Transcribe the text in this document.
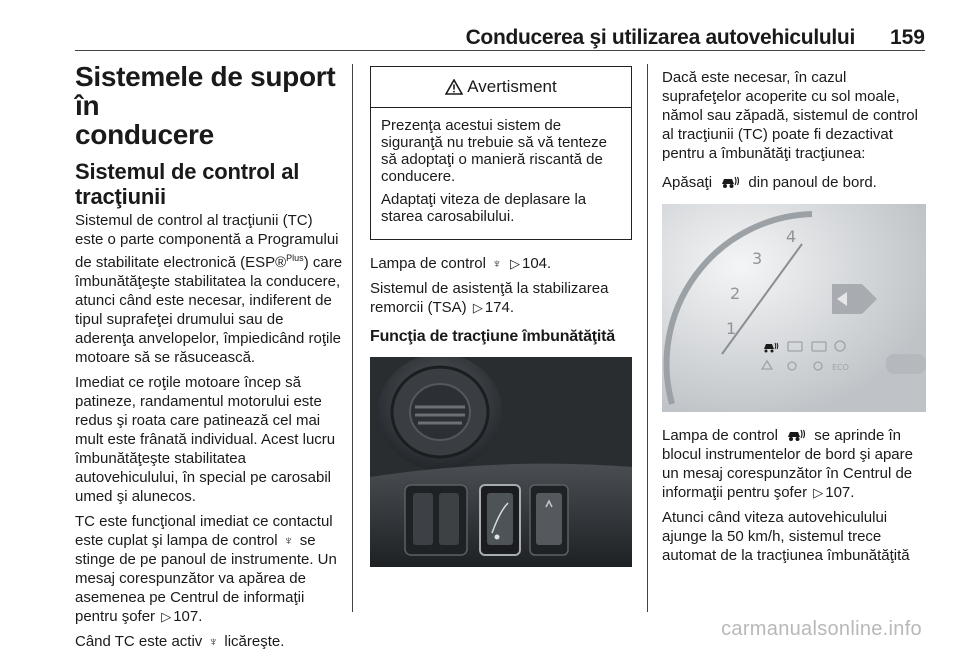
Conducerea şi utilizarea autovehiculului 159
Sistemele de suport în
conducere
Sistemul de control al
tracţiunii

Sistemul de control al tracţiunii (TC) este o parte componentă a Programului de stabilitate electronică (ESP®$^{Plus}$) care îmbunătăţeşte stabilitatea la conducere, atunci când este necesar, indiferent de tipul suprafeţei drumului sau de aderenţa anvelopelor, împiedicând roţile motoare să se răsucească.

Imediat ce roţile motoare încep să patineze, randamentul motorului este redus şi roata care patinează cel mai mult este frânată individual. Acest lucru îmbunătăţeşte stabilitatea autovehiculului, în special pe carosabil umed şi alunecos.

TC este funcţional imediat ce contactul este cuplat şi lampa de control ♆ se stinge de pe panoul de instrumente. Un mesaj corespunzător va apărea de asemenea pe Centrul de informaţii pentru şofer ▷ 107.

Când TC este activ ♆ licăreşte.

Avertisment

Prezenţa acestui sistem de siguranţă nu trebuie să vă tenteze să adoptaţi o manieră riscantă de conducere.

Adaptaţi viteza de deplasare la starea carosabilului.

Lampa de control ♆ ▷ 104.

Sistemul de asistenţă la stabilizarea remorcii (TSA) ▷ 174.

Funcţia de tracţiune îmbunătăţită

Dacă este necesar, în cazul suprafeţelor acoperite cu sol moale, nămol sau zăpadă, sistemul de control al tracţiunii (TC) poate fi dezactivat pentru a îmbunătăţi tracţiunea:

Apăsaţi din panoul de bord.

3
2
1
4
ECO

Lampa de control se aprinde în blocul instrumentelor de bord şi apare un mesaj corespunzător în Centrul de informaţii pentru şofer ▷ 107.

Atunci când viteza autovehiculului ajunge la 50 km/h, sistemul trece automat de la tracţiunea îmbunătăţită

carmanualsonline.info
